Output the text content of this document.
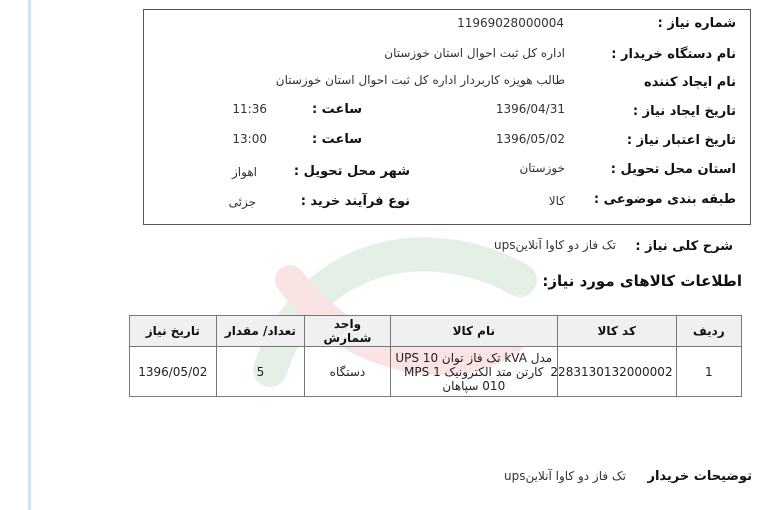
شماره نیاز :
11969028000004
نام دستگاه خریدار :
اداره کل ثبت احوال استان خوزستان
نام ایجاد کننده
طالب هویزه کاربردار اداره کل ثبت احوال استان خوزستان
تاریخ ایجاد نیاز :
1396/04/31
ساعت :
11:36
تاریخ اعتبار نیاز :
1396/05/02
ساعت :
13:00
استان محل تحویل :
خوزستان
شهر محل تحویل :
اهواز
طبقه بندی موضوعی :
کالا
نوع فرآیند خرید :
جزئی
شرح کلی نیاز :
تک فاز دو کاوا آنلاینups
اطلاعات کالاهای مورد نیاز:
ردیف	کد کالا	نام کالا	واحد شمارش	تعداد/ مقدار	تاریخ نیاز
1	2283130132000002	مدل kVA تک فاز توان UPS 10 کارتن متد الکترونیک MPS 1 010 سپاهان	دستگاه	5	1396/05/02
توضیحات خریدار
تک فاز دو کاوا آنلاینups
